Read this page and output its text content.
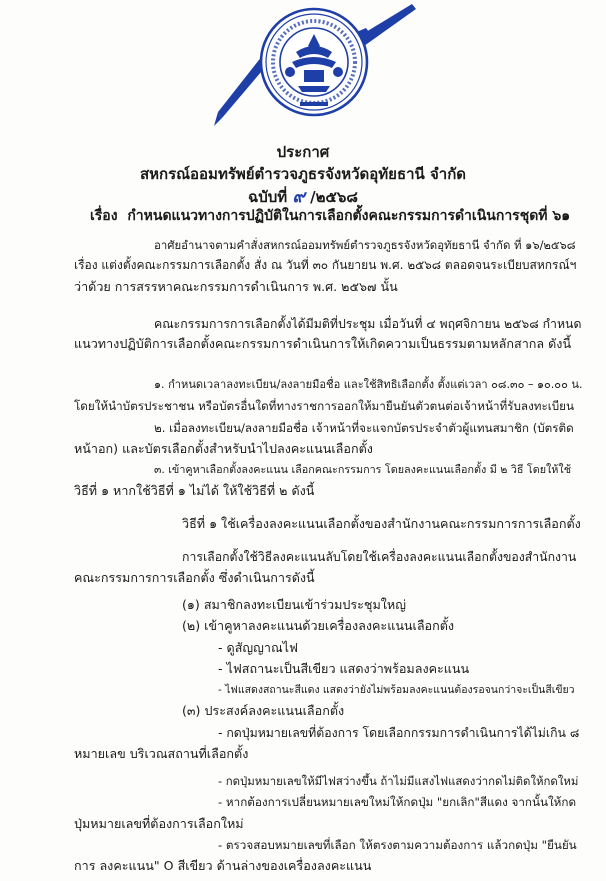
ประกาศ
สหกรณ์ออมทรัพย์ตำรวจภูธรจังหวัดอุทัยธานี จำกัด
ฉบับที่ ๙ /๒๕๖๘
เรื่อง กำหนดแนวทางการปฏิบัติในการเลือกตั้งคณะกรรมการดำเนินการชุดที่ ๖๑
อาศัยอำนาจตามคำสั่งสหกรณ์ออมทรัพย์ตำรวจภูธรจังหวัดอุทัยธานี จำกัด ที่ ๑๖/๒๕๖๘
เรื่อง แต่งตั้งคณะกรรมการเลือกตั้ง สั่ง ณ วันที่ ๓๐ กันยายน พ.ศ. ๒๕๖๘ ตลอดจนระเบียบสหกรณ์ฯ
ว่าด้วย การสรรหาคณะกรรมการดำเนินการ พ.ศ. ๒๕๖๗ นั้น
คณะกรรมการการเลือกตั้งได้มีมติที่ประชุม เมื่อวันที่ ๔ พฤศจิกายน ๒๕๖๘ กำหนด
แนวทางปฏิบัติการเลือกตั้งคณะกรรมการดำเนินการให้เกิดความเป็นธรรมตามหลักสากล ดังนี้
๑. กำหนดเวลาลงทะเบียน/ลงลายมือชื่อ และใช้สิทธิเลือกตั้ง ตั้งแต่เวลา ๐๘.๓๐ – ๑๐.๐๐ น.
โดยให้นำบัตรประชาชน หรือบัตรอื่นใดที่ทางราชการออกให้มายืนยันตัวตนต่อเจ้าหน้าที่รับลงทะเบียน
๒. เมื่อลงทะเบียน/ลงลายมือชื่อ เจ้าหน้าที่จะแจกบัตรประจำตัวผู้แทนสมาชิก (บัตรติด
หน้าอก) และบัตรเลือกตั้งสำหรับนำไปลงคะแนนเลือกตั้ง
๓. เข้าคูหาเลือกตั้งลงคะแนน เลือกคณะกรรมการ โดยลงคะแนนเลือกตั้ง มี ๒ วิธี โดยให้ใช้
วิธีที่ ๑ หากใช้วิธีที่ ๑ ไม่ได้ ให้ใช้วิธีที่ ๒ ดังนี้
วิธีที่ ๑ ใช้เครื่องลงคะแนนเลือกตั้งของสำนักงานคณะกรรมการการเลือกตั้ง
การเลือกตั้งใช้วิธีลงคะแนนลับโดยใช้เครื่องลงคะแนนเลือกตั้งของสำนักงาน
คณะกรรมการการเลือกตั้ง ซึ่งดำเนินการดังนี้
(๑) สมาชิกลงทะเบียนเข้าร่วมประชุมใหญ่
(๒) เข้าคูหาลงคะแนนด้วยเครื่องลงคะแนนเลือกตั้ง
- ดูสัญญาณไฟ
- ไฟสถานะเป็นสีเขียว แสดงว่าพร้อมลงคะแนน
- ไฟแสดงสถานะสีแดง แสดงว่ายังไม่พร้อมลงคะแนนต้องรอจนกว่าจะเป็นสีเขียว
(๓) ประสงค์ลงคะแนนเลือกตั้ง
- กดปุ่มหมายเลขที่ต้องการ โดยเลือกกรรมการดำเนินการได้ไม่เกิน ๘
หมายเลข บริเวณสถานที่เลือกตั้ง
- กดปุ่มหมายเลขให้มีไฟสว่างขึ้น ถ้าไม่มีแสงไฟแสดงว่ากดไม่ติดให้กดใหม่
- หากต้องการเปลี่ยนหมายเลขใหม่ให้กดปุ่ม "ยกเลิก"สีแดง จากนั้นให้กด
ปุ่มหมายเลขที่ต้องการเลือกใหม่
- ตรวจสอบหมายเลขที่เลือก ให้ตรงตามความต้องการ แล้วกดปุ่ม "ยืนยัน
การ ลงคะแนน" O สีเขียว ด้านล่างของเครื่องลงคะแนน
